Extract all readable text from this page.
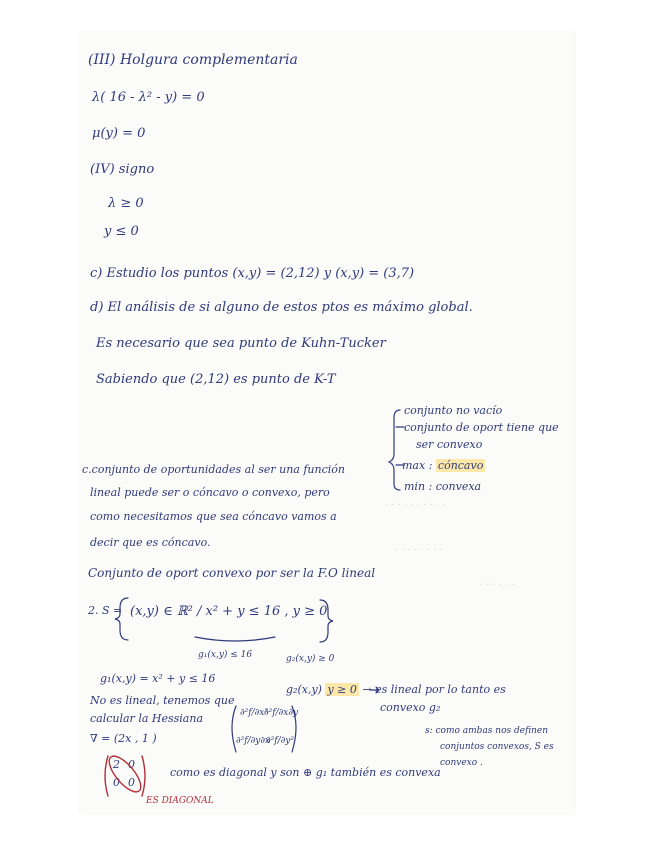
· · · · · · · · · ·
· · · · · · · ·
· · · · · ·
(III) Holgura complementaria
λ( 16 - λ² - y) = 0
μ(y) = 0
(IV) signo
λ ≥ 0
y ≤ 0
c) Estudio los puntos (x,y) = (2,12) y (x,y) = (3,7)
d) El análisis de si alguno de estos ptos es máximo global.
Es necesario que sea punto de Kuhn-Tucker
Sabiendo que (2,12) es punto de K-T
conjunto no vacío
conjunto de oport tiene que
ser convexo
max : cóncavo
min : convexa
c.conjunto de oportunidades al ser una función
lineal puede ser o cóncavo o convexo, pero
como necesitamos que sea cóncavo vamos a
decir que es cóncavo.
Conjunto de oport convexo por ser la F.O lineal
2. S = (x,y) ∈ ℝ² / x² + y ≤ 16 , y ≥ 0
g₁(x,y) ≤ 16	g₂(x,y) ≥ 0
g₁(x,y) = x² + y ≤ 16
No es lineal, tenemos que
calcular la Hessiana
∇ = (2x , 1 )
∂²f/∂x²
∂²f/∂x∂y
∂²f/∂y∂x
∂²f/∂y²
g₂(x,y) y ≥ 0 → es lineal por lo tanto es
convexo g₂
s: como ambas nos definen
conjuntos convexos, S es
convexo .
2 0
0 0
como es diagonal y son ⊕ g₁ también es convexa
ES DIAGONAL
